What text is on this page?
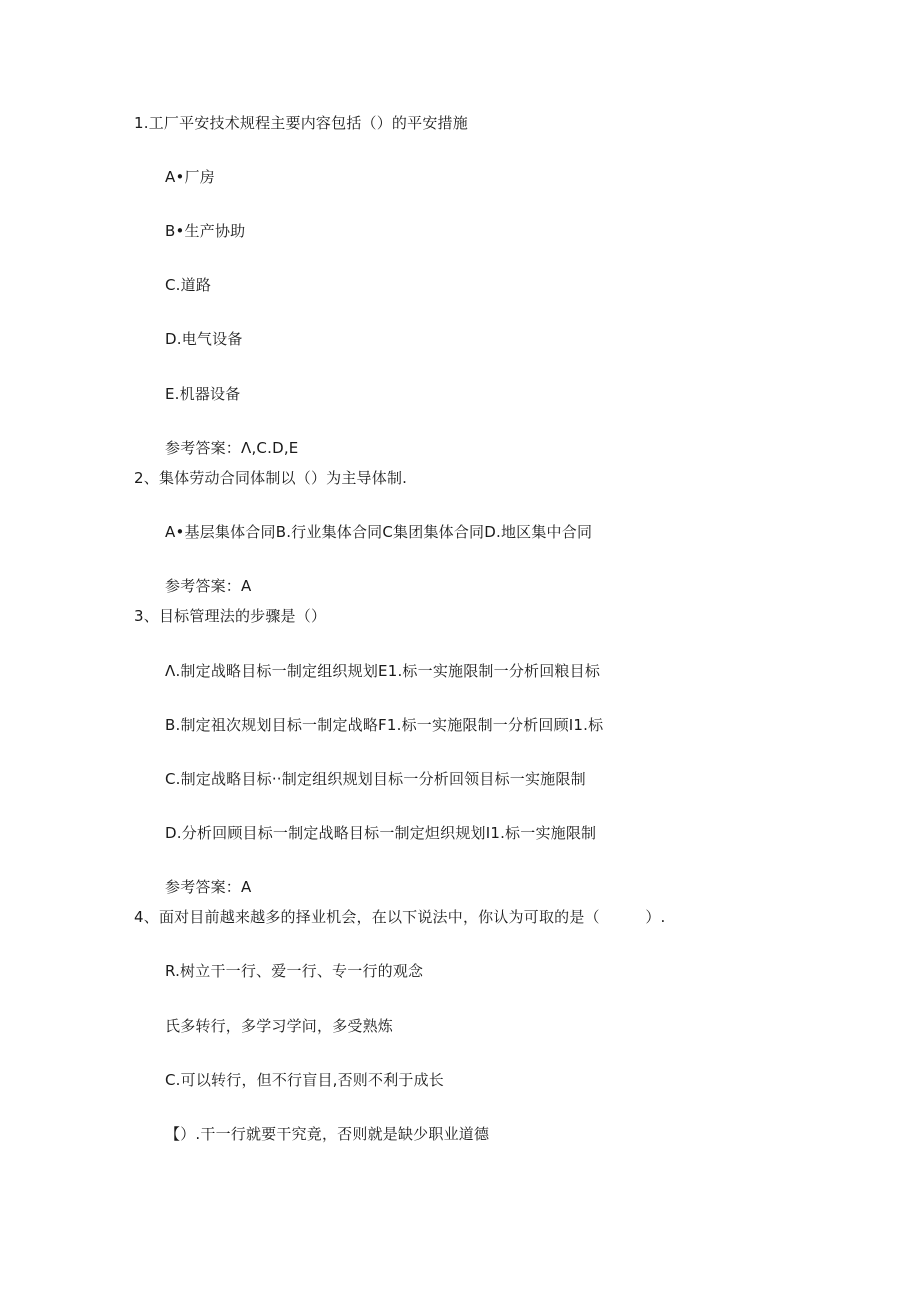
1.工厂平安技术规程主要内容包括（）的平安措施
A•厂房
B•生产协助
C.道路
D.电气设备
E.机器设备
参考答案：Λ,C.D,E
2、集体劳动合同体制以（）为主导体制.
A•基层集体合同B.行业集体合同C集团集体合同D.地区集中合同
参考答案：A
3、目标管理法的步骤是（）
Λ.制定战略目标一制定组织规划E1.标一实施限制一分析回粮目标
B.制定祖次规划目标一制定战略F1.标一实施限制一分析回顾I1.标
C.制定战略目标··制定组织规划目标一分析回领目标一实施限制
D.分析回顾目标一制定战略目标一制定炟织规划I1.标一实施限制
参考答案：A
4、面对目前越来越多的择业机会，在以下说法中，你认为可取的是（　　　）.
R.树立干一行、爱一行、专一行的观念
氏多转行，多学习学问，多受熟炼
C.可以转行，但不行盲目,否则不利于成长
【）.干一行就要干究竟，否则就是缺少职业道德
